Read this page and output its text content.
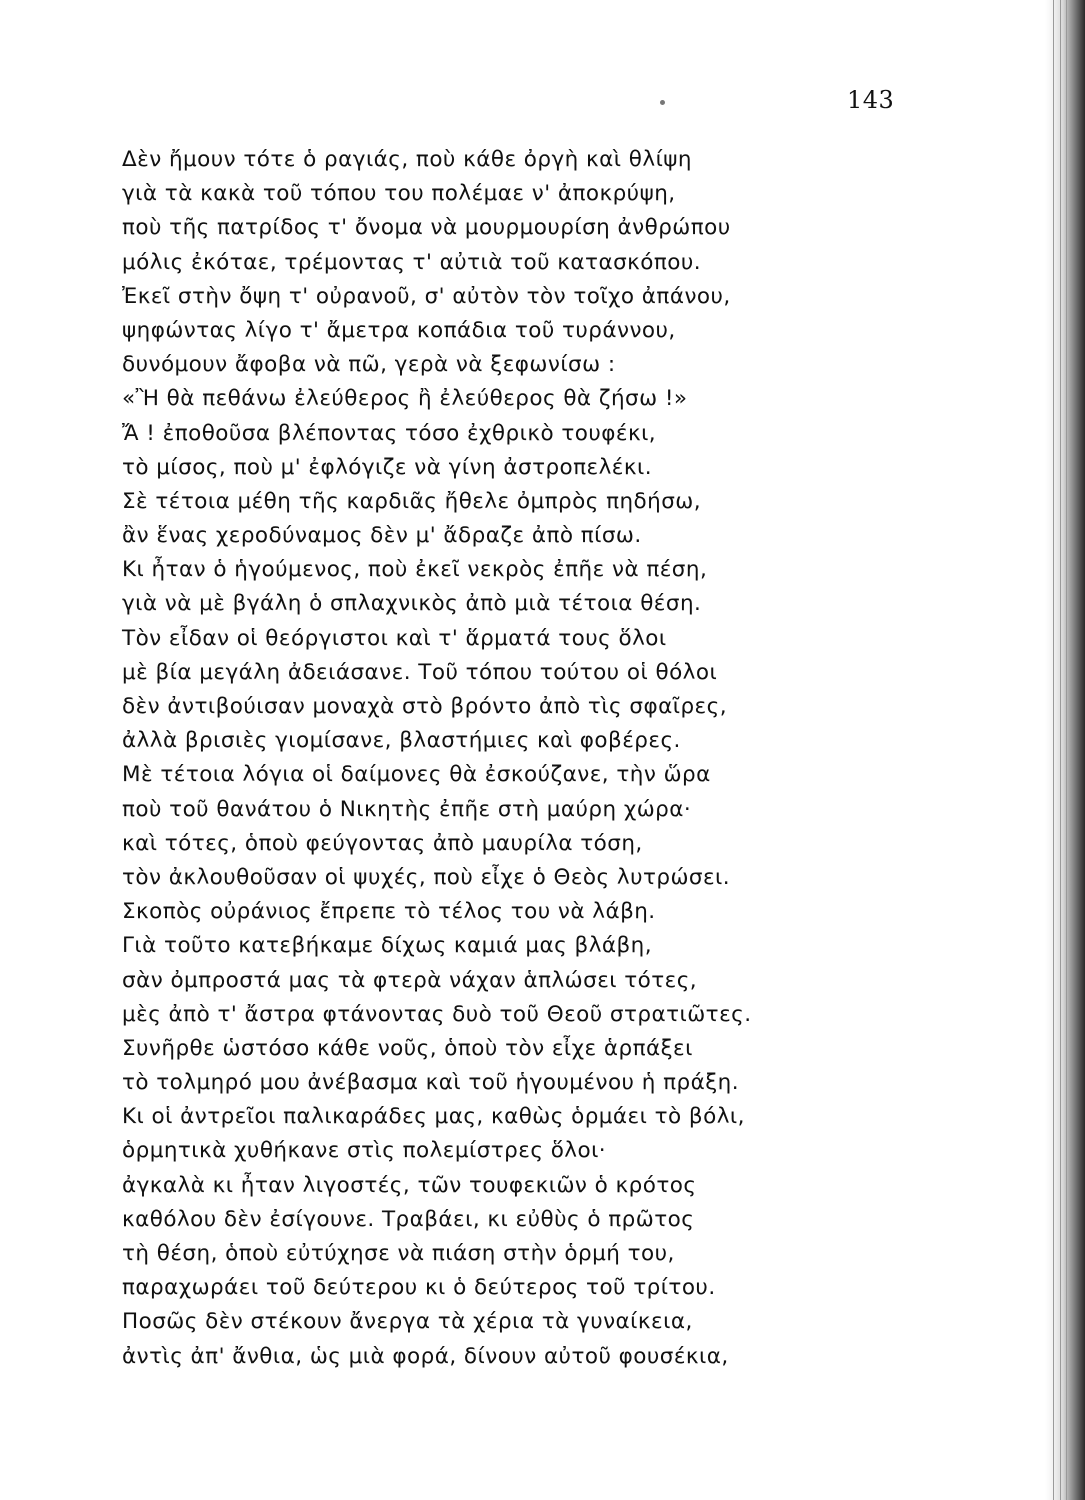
143
Δὲν ἤμουν τότε ὁ ραγιάς, ποὺ κάθε ὀργὴ καὶ θλίψη
γιὰ τὰ κακὰ τοῦ τόπου του πολέμαε ν' ἀποκρύψη,
ποὺ τῆς πατρίδος τ' ὄνομα νὰ μουρμουρίση ἀνθρώπου
μόλις ἐκόταε, τρέμοντας τ' αὐτιὰ τοῦ κατασκόπου.
Ἐκεῖ στὴν ὄψη τ' οὐρανοῦ, σ' αὐτὸν τὸν τοῖχο ἀπάνου,
ψηφώντας λίγο τ' ἄμετρα κοπάδια τοῦ τυράννου,
δυνόμουν ἄφοβα νὰ πῶ, γερὰ νὰ ξεφωνίσω :
«Ἢ θὰ πεθάνω ἐλεύθερος ἢ ἐλεύθερος θὰ ζήσω !»
Ἄ ! ἐποθοῦσα βλέποντας τόσο ἐχθρικὸ τουφέκι,
τὸ μίσος, ποὺ μ' ἐφλόγιζε νὰ γίνη ἀστροπελέκι.
Σὲ τέτοια μέθη τῆς καρδιᾶς ἤθελε ὀμπρὸς πηδήσω,
ἂν ἕνας χεροδύναμος δὲν μ' ἄδραζε ἀπὸ πίσω.
Κι ἦταν ὁ ἡγούμενος, ποὺ ἐκεῖ νεκρὸς ἐπῆε νὰ πέση,
γιὰ νὰ μὲ βγάλη ὁ σπλαχνικὸς ἀπὸ μιὰ τέτοια θέση.
Τὸν εἶδαν οἱ θεόργιστοι καὶ τ' ἅρματά τους ὅλοι
μὲ βία μεγάλη ἀδειάσανε. Τοῦ τόπου τούτου οἱ θόλοι
δὲν ἀντιβούισαν μοναχὰ στὸ βρόντο ἀπὸ τὶς σφαῖρες,
ἀλλὰ βρισιὲς γιομίσανε, βλαστήμιες καὶ φοβέρες.
Μὲ τέτοια λόγια οἱ δαίμονες θὰ ἐσκούζανε, τὴν ὥρα
ποὺ τοῦ θανάτου ὁ Νικητὴς ἐπῆε στὴ μαύρη χώρα·
καὶ τότες, ὁποὺ φεύγοντας ἀπὸ μαυρίλα τόση,
τὸν ἀκλουθοῦσαν οἱ ψυχές, ποὺ εἶχε ὁ Θεὸς λυτρώσει.
Σκοπὸς οὐράνιος ἔπρεπε τὸ τέλος του νὰ λάβη.
Γιὰ τοῦτο κατεβήκαμε δίχως καμιά μας βλάβη,
σὰν ὀμπροστά μας τὰ φτερὰ νάχαν ἁπλώσει τότες,
μὲς ἀπὸ τ' ἄστρα φτάνοντας δυὸ τοῦ Θεοῦ στρατιῶτες.
Συνῆρθε ὡστόσο κάθε νοῦς, ὁποὺ τὸν εἶχε ἁρπάξει
τὸ τολμηρό μου ἀνέβασμα καὶ τοῦ ἡγουμένου ἡ πράξη.
Κι οἱ ἀντρεῖοι παλικαράδες μας, καθὼς ὁρμάει τὸ βόλι,
ὁρμητικὰ χυθήκανε στὶς πολεμίστρες ὅλοι·
ἀγκαλὰ κι ἦταν λιγοστές, τῶν τουφεκιῶν ὁ κρότος
καθόλου δὲν ἐσίγουνε. Τραβάει, κι εὐθὺς ὁ πρῶτος
τὴ θέση, ὁποὺ εὐτύχησε νὰ πιάση στὴν ὁρμή του,
παραχωράει τοῦ δεύτερου κι ὁ δεύτερος τοῦ τρίτου.
Ποσῶς δὲν στέκουν ἄνεργα τὰ χέρια τὰ γυναίκεια,
ἀντὶς ἀπ' ἄνθια, ὡς μιὰ φορά, δίνουν αὐτοῦ φουσέκια,
